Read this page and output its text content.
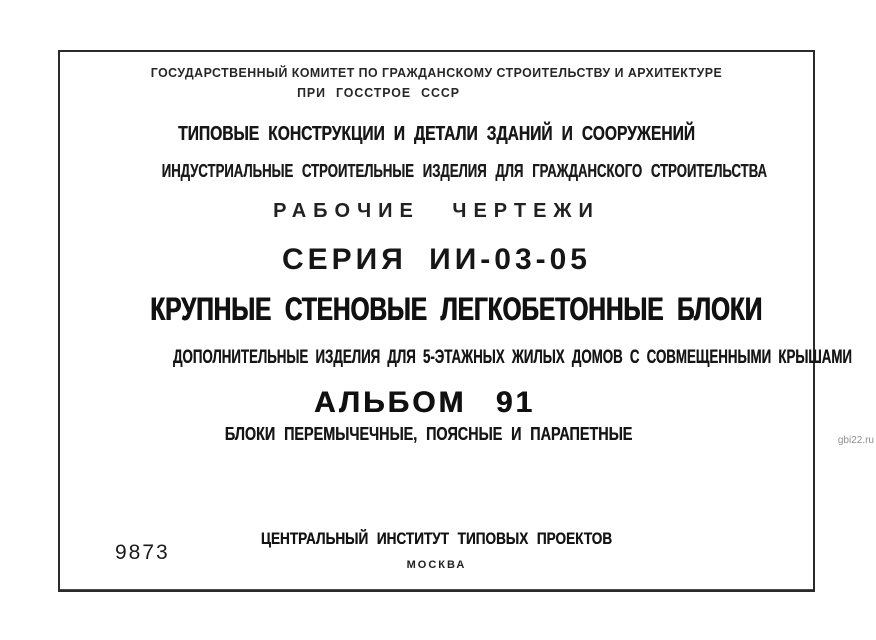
ГОСУДАРСТВЕННЫЙ КОМИТЕТ ПО ГРАЖДАНСКОМУ СТРОИТЕЛЬСТВУ И АРХИТЕКТУРЕ
ПРИ ГОССТРОЕ СССР
ТИПОВЫЕ КОНСТРУКЦИИ И ДЕТАЛИ ЗДАНИЙ И СООРУЖЕНИЙ
ИНДУСТРИАЛЬНЫЕ СТРОИТЕЛЬНЫЕ ИЗДЕЛИЯ ДЛЯ ГРАЖДАНСКОГО СТРОИТЕЛЬСТВА
РАБОЧИЕ ЧЕРТЕЖИ
СЕРИЯ ИИ-03-05
КРУПНЫЕ СТЕНОВЫЕ ЛЕГКОБЕТОННЫЕ БЛОКИ
ДОПОЛНИТЕЛЬНЫЕ ИЗДЕЛИЯ ДЛЯ 5-ЭТАЖНЫХ ЖИЛЫХ ДОМОВ С СОВМЕЩЕННЫМИ КРЫШАМИ
АЛЬБОМ 91
БЛОКИ ПЕРЕМЫЧЕЧНЫЕ, ПОЯСНЫЕ И ПАРАПЕТНЫЕ
9873
ЦЕНТРАЛЬНЫЙ ИНСТИТУТ ТИПОВЫХ ПРОЕКТОВ
МОСКВА
gbi22.ru
